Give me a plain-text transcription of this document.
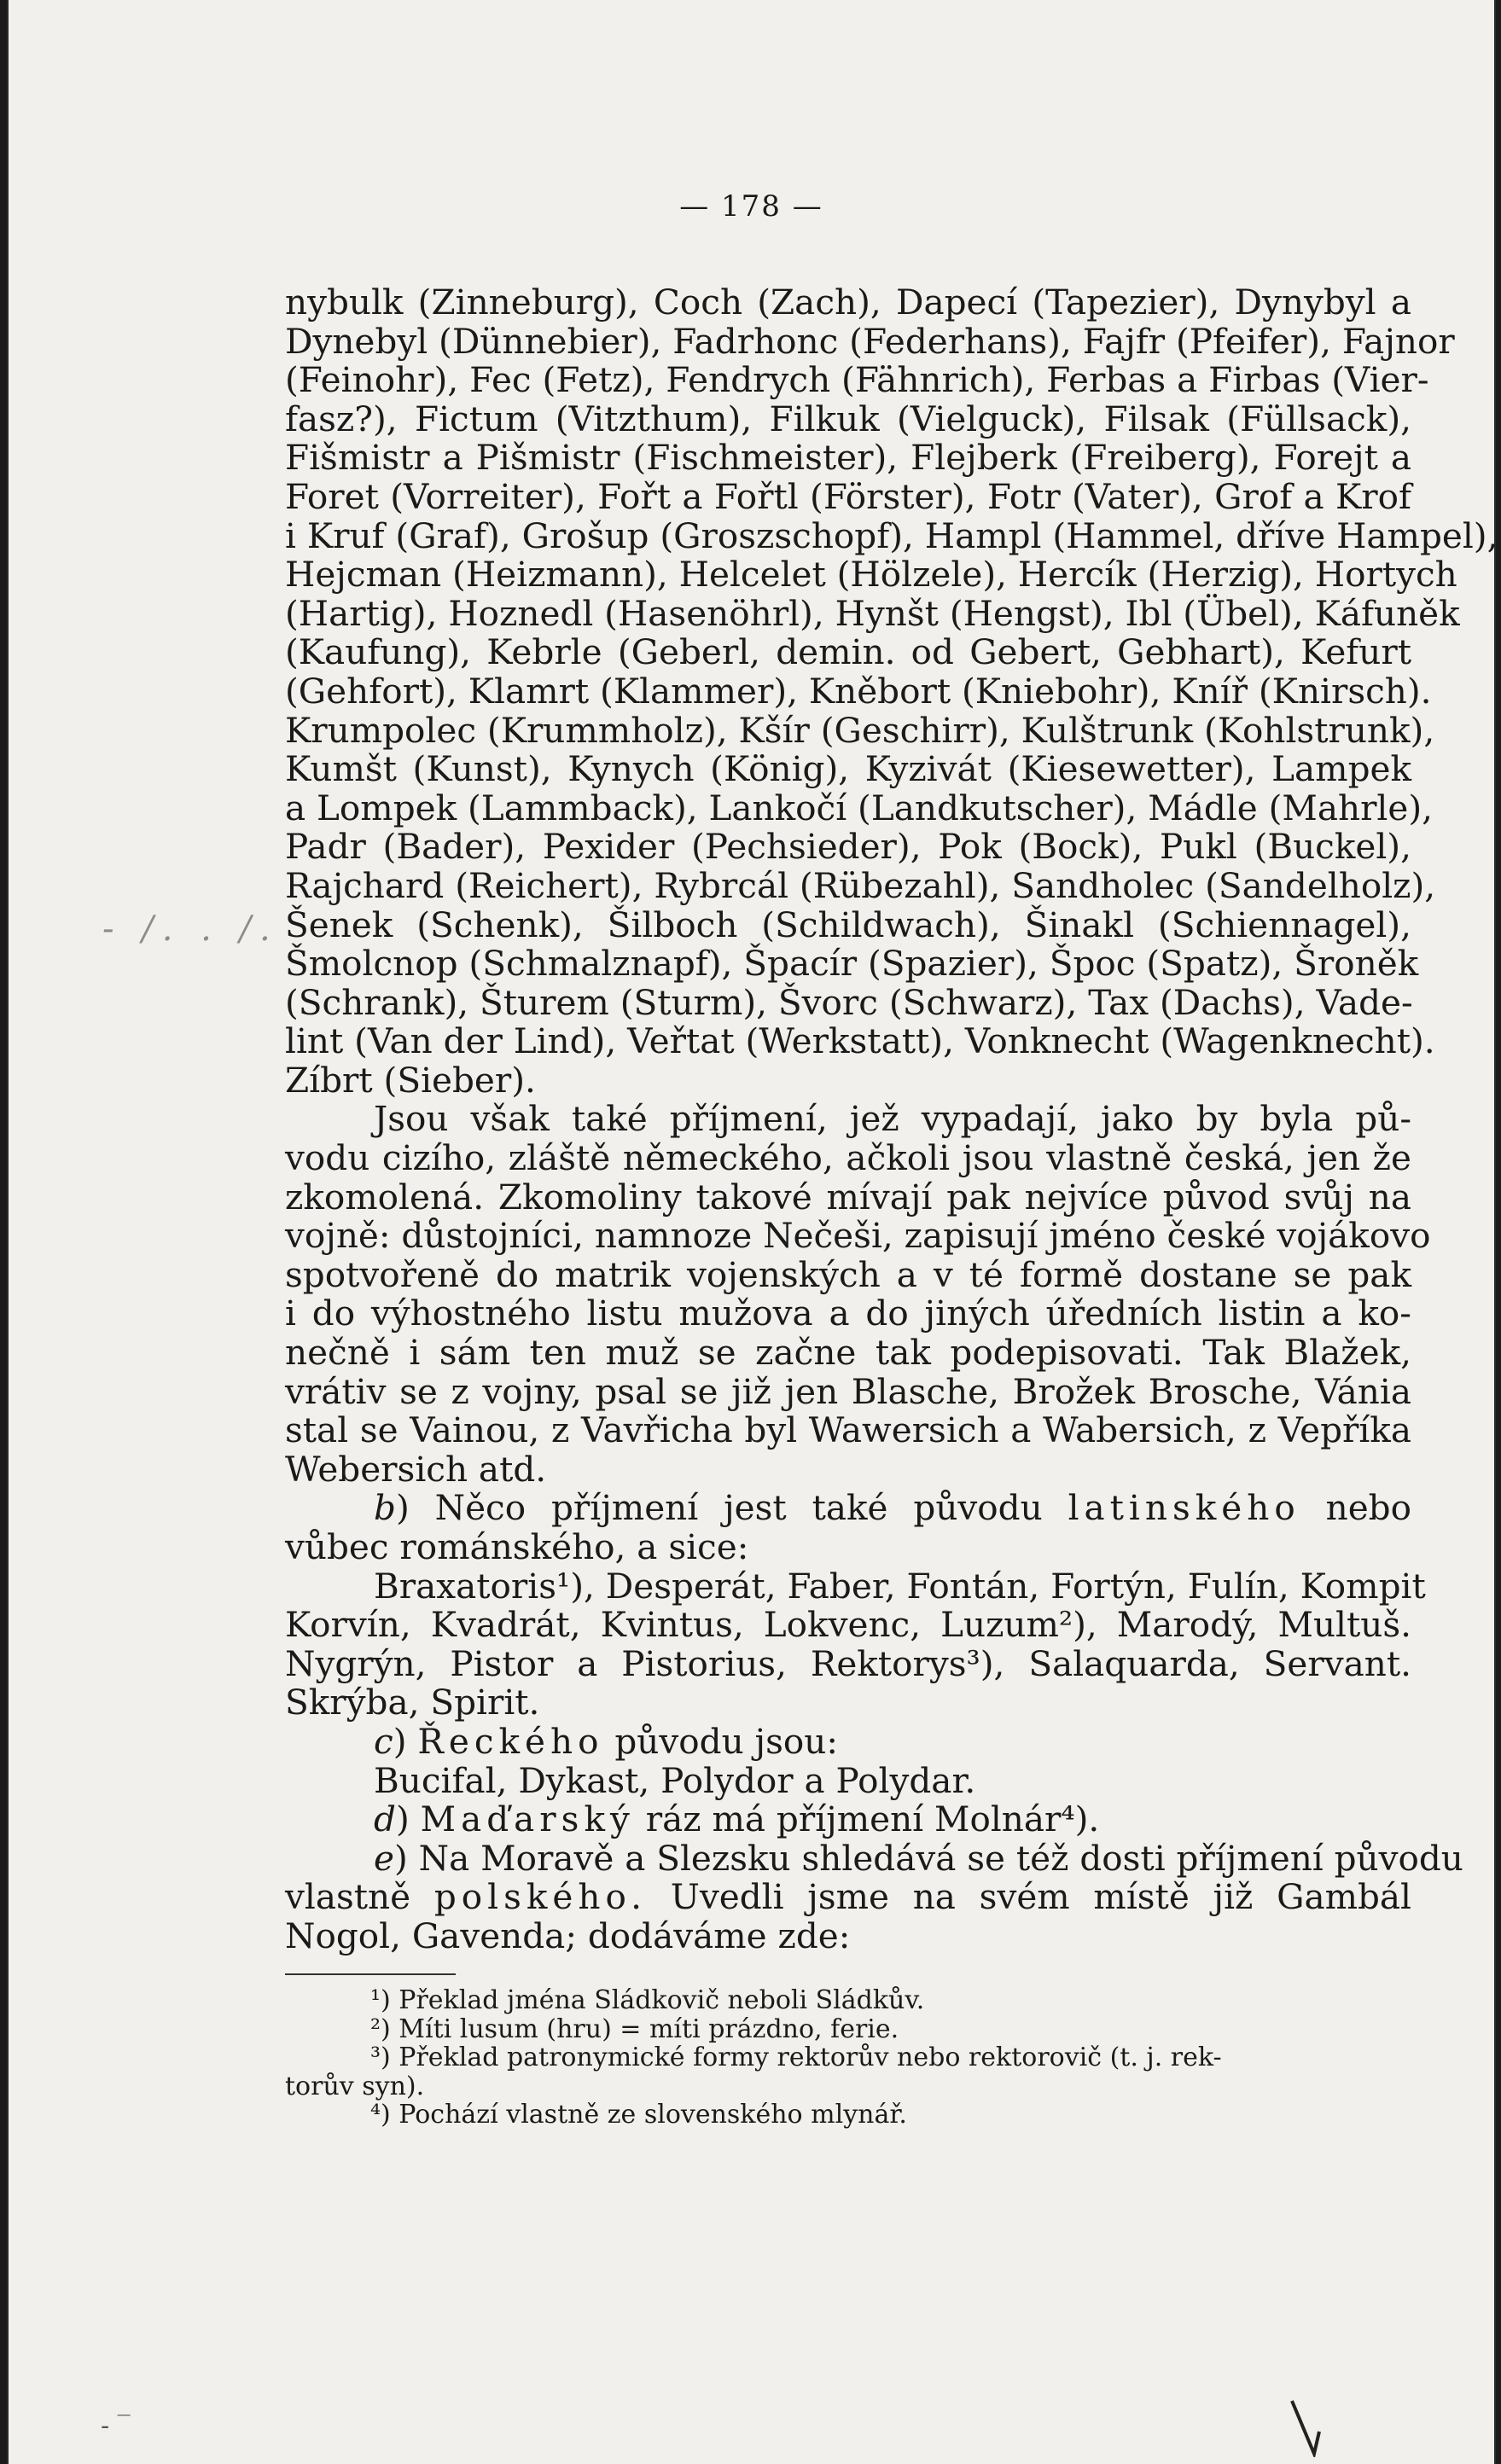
— 178 —
nybulk (Zinneburg), Coch (Zach), Dapecí (Tapezier), Dynybyl a
Dynebyl (Dünnebier), Fadrhonc (Federhans), Fajfr (Pfeifer), Fajnor
(Feinohr), Fec (Fetz), Fendrych (Fähnrich), Ferbas a Firbas (Vier-
fasz?), Fictum (Vitzthum), Filkuk (Vielguck), Filsak (Füllsack),
Fišmistr a Pišmistr (Fischmeister), Flejberk (Freiberg), Forejt a
Foret (Vorreiter), Fořt a Fořtl (Förster), Fotr (Vater), Grof a Krof
i Kruf (Graf), Grošup (Groszschopf), Hampl (Hammel, dříve Hampel),
Hejcman (Heizmann), Helcelet (Hölzele), Hercík (Herzig), Hortych
(Hartig), Hoznedl (Hasenöhrl), Hynšt (Hengst), Ibl (Übel), Káfuněk
(Kaufung), Kebrle (Geberl, demin. od Gebert, Gebhart), Kefurt
(Gehfort), Klamrt (Klammer), Kněbort (Kniebohr), Kníř (Knirsch).
Krumpolec (Krummholz), Kšír (Geschirr), Kulštrunk (Kohlstrunk),
Kumšt (Kunst), Kynych (König), Kyzivát (Kiesewetter), Lampek
a Lompek (Lammback), Lankočí (Landkutscher), Mádle (Mahrle),
Padr (Bader), Pexider (Pechsieder), Pok (Bock), Pukl (Buckel),
Rajchard (Reichert), Rybrcál (Rübezahl), Sandholec (Sandelholz),
Šenek (Schenk), Šilboch (Schildwach), Šinakl (Schiennagel),
Šmolcnop (Schmalznapf), Špacír (Spazier), Špoc (Spatz), Šroněk
(Schrank), Šturem (Sturm), Švorc (Schwarz), Tax (Dachs), Vade-
lint (Van der Lind), Veřtat (Werkstatt), Vonknecht (Wagenknecht).
Zíbrt (Sieber).
Jsou však také příjmení, jež vypadají, jako by byla pů-
vodu cizího, zláště německého, ačkoli jsou vlastně česká, jen že
zkomolená. Zkomoliny takové mívají pak nejvíce původ svůj na
vojně: důstojníci, namnoze Nečeši, zapisují jméno české vojákovo
spotvořeně do matrik vojenských a v té formě dostane se pak
i do výhostného listu mužova a do jiných úředních listin a ko-
nečně i sám ten muž se začne tak podepisovati. Tak Blažek,
vrátiv se z vojny, psal se již jen Blasche, Brožek Brosche, Vánia
stal se Vainou, z Vavřicha byl Wawersich a Wabersich, z Vepříka
Webersich atd.
b) Něco příjmení jest také původu latinského nebo
vůbec románského, a sice:
Braxatoris¹), Desperát, Faber, Fontán, Fortýn, Fulín, Kompit
Korvín, Kvadrát, Kvintus, Lokvenc, Luzum²), Marodý, Multuš.
Nygrýn, Pistor a Pistorius, Rektorys³), Salaquarda, Servant.
Skrýba, Spirit.
c) Řeckého původu jsou:
Bucifal, Dykast, Polydor a Polydar.
d) Maďarský ráz má příjmení Molnár⁴).
e) Na Moravě a Slezsku shledává se též dosti příjmení původu
vlastně polského. Uvedli jsme na svém místě již Gambál
Nogol, Gavenda; dodáváme zde:
¹) Překlad jména Sládkovič neboli Sládkův.
²) Míti lusum (hru) = míti prázdno, ferie.
³) Překlad patronymické formy rektorův nebo rektorovič (t. j. rek-
torův syn).
⁴) Pochází vlastně ze slovenského mlynář.
- /. . /.
- ‾
